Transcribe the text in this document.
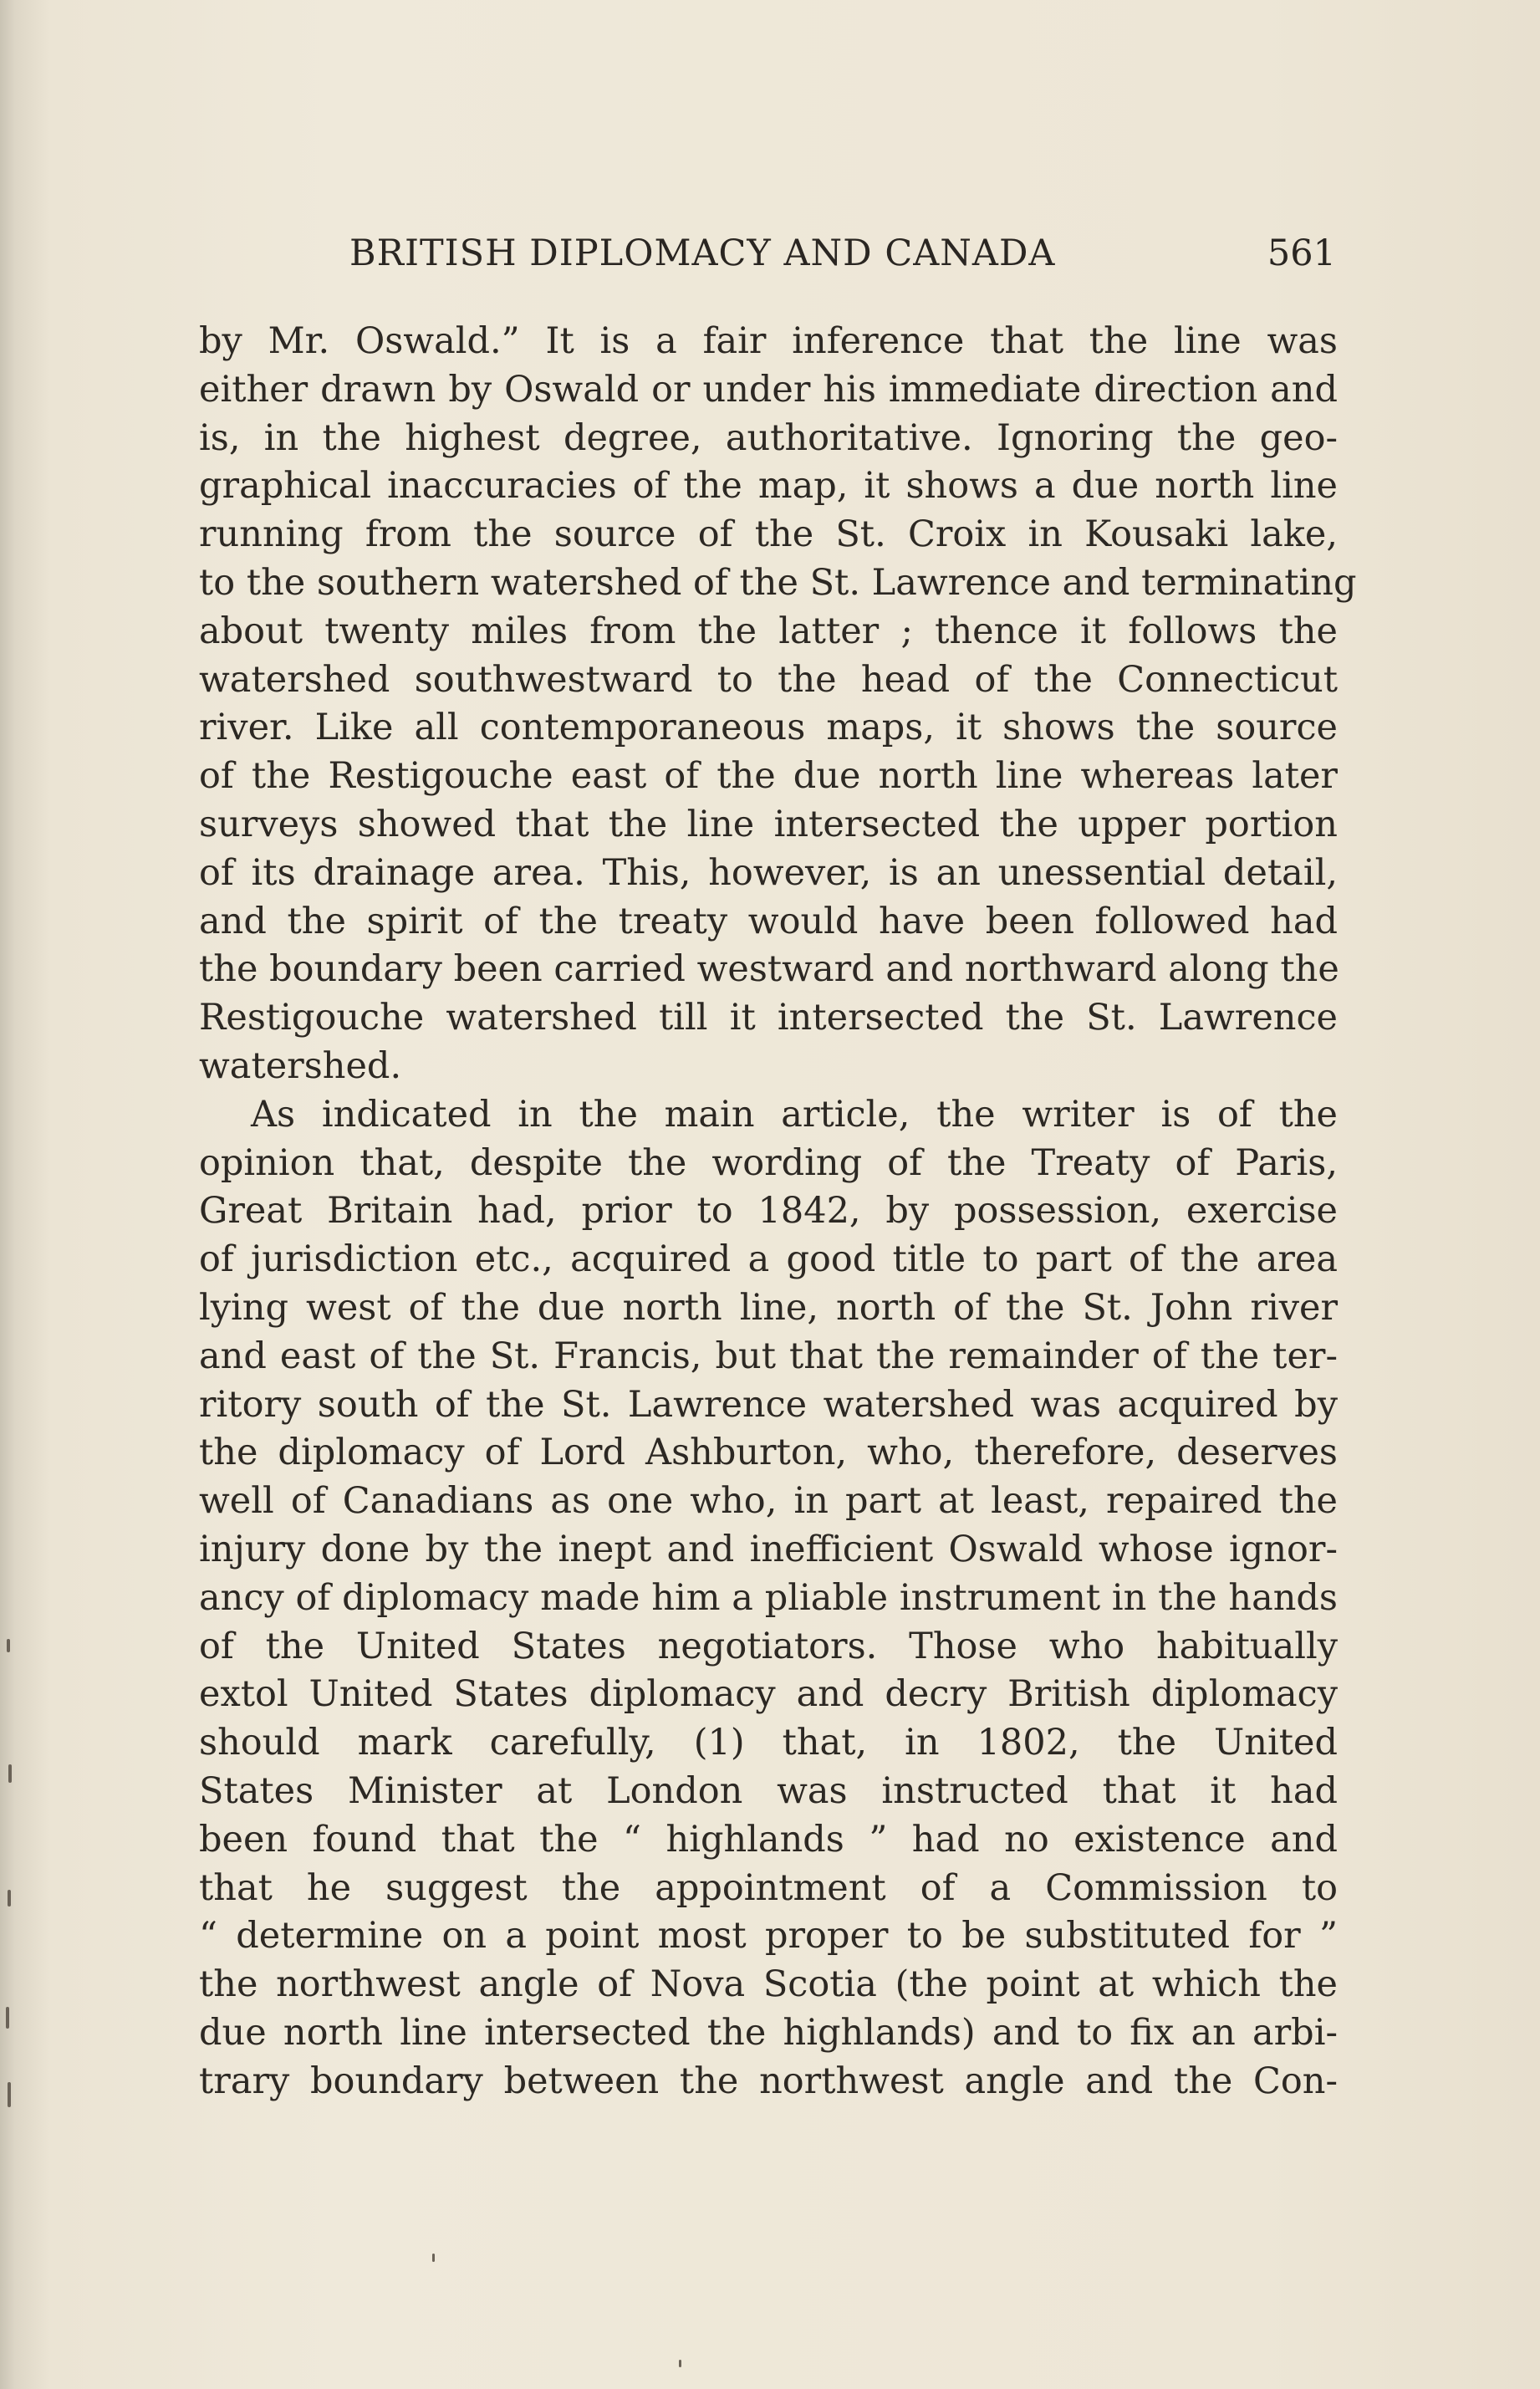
BRITISH DIPLOMACY AND CANADA	561
by Mr. Oswald.” It is a fair inference that the line was
either drawn by Oswald or under his immediate direction and
is, in the highest degree, authoritative. Ignoring the geo-
graphical inaccuracies of the map, it shows a due north line
running from the source of the St. Croix in Kousaki lake,
to the southern watershed of the St. Lawrence and terminating
about twenty miles from the latter ; thence it follows the
watershed southwestward to the head of the Connecticut
river. Like all contemporaneous maps, it shows the source
of the Restigouche east of the due north line whereas later
surveys showed that the line intersected the upper portion
of its drainage area. This, however, is an unessential detail,
and the spirit of the treaty would have been followed had
the boundary been carried westward and northward along the
Restigouche watershed till it intersected the St. Lawrence
watershed.
As indicated in the main article, the writer is of the
opinion that, despite the wording of the Treaty of Paris,
Great Britain had, prior to 1842, by possession, exercise
of jurisdiction etc., acquired a good title to part of the area
lying west of the due north line, north of the St. John river
and east of the St. Francis, but that the remainder of the ter-
ritory south of the St. Lawrence watershed was acquired by
the diplomacy of Lord Ashburton, who, therefore, deserves
well of Canadians as one who, in part at least, repaired the
injury done by the inept and inefficient Oswald whose ignor-
ancy of diplomacy made him a pliable instrument in the hands
of the United States negotiators. Those who habitually
extol United States diplomacy and decry British diplomacy
should mark carefully, (1) that, in 1802, the United
States Minister at London was instructed that it had
been found that the “ highlands ” had no existence and
that he suggest the appointment of a Commission to
“ determine on a point most proper to be substituted for ”
the northwest angle of Nova Scotia (the point at which the
due north line intersected the highlands) and to fix an arbi-
trary boundary between the northwest angle and the Con-
